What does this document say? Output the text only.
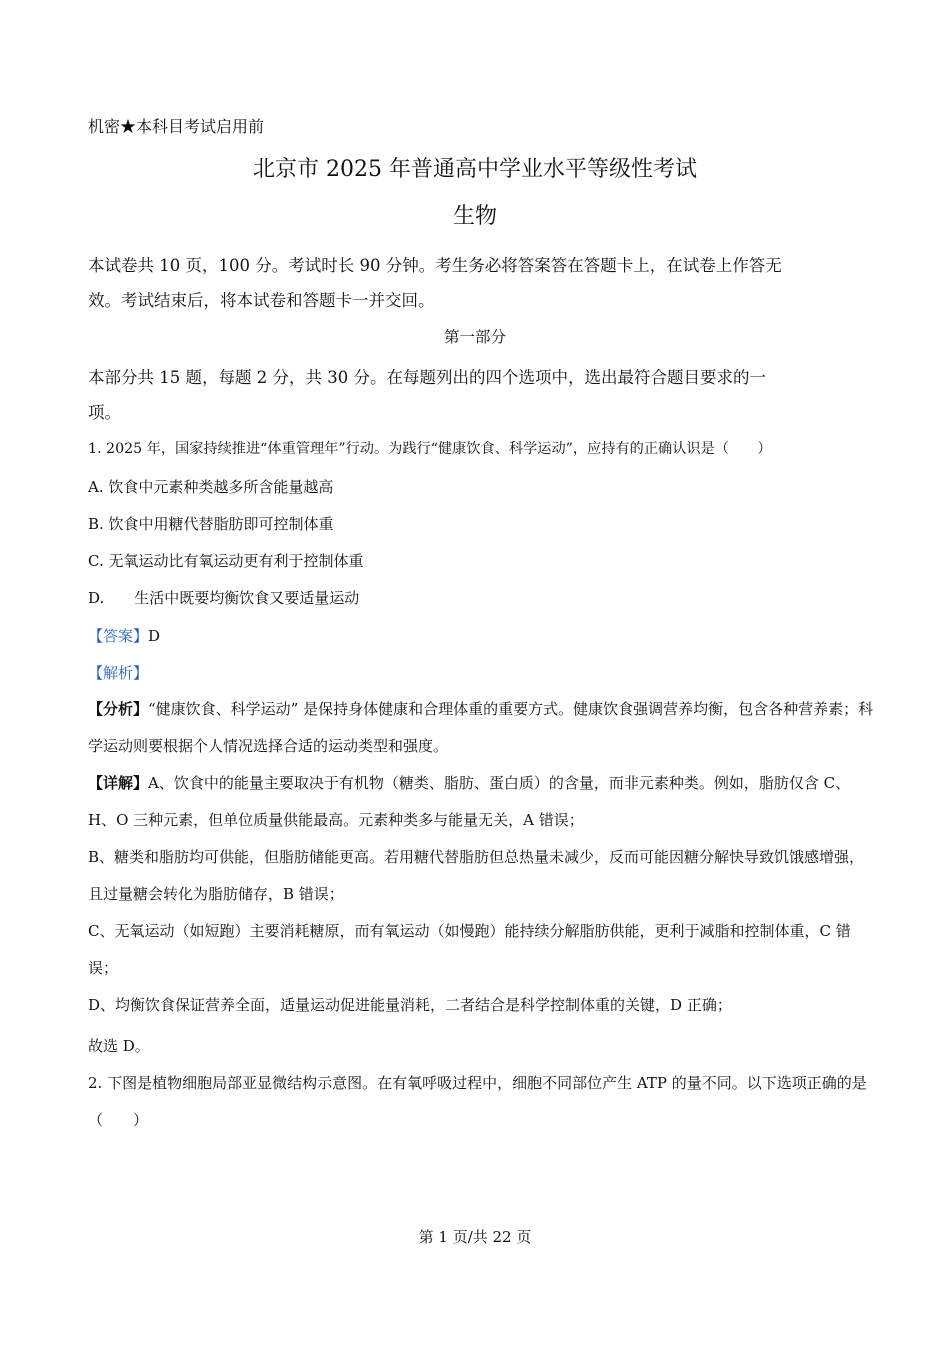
机密★本科目考试启用前
北京市 2025 年普通高中学业水平等级性考试
生物
本试卷共 10 页，100 分。考试时长 90 分钟。考生务必将答案答在答题卡上，在试卷上作答无
效。考试结束后，将本试卷和答题卡一并交回。
第一部分
本部分共 15 题，每题 2 分，共 30 分。在每题列出的四个选项中，选出最符合题目要求的一
项。
1. 2025 年，国家持续推进“体重管理年”行动。为践行“健康饮食、科学运动”，应持有的正确认识是（　　）
A. 饮食中元素种类越多所含能量越高
B. 饮食中用糖代替脂肪即可控制体重
C. 无氧运动比有氧运动更有利于控制体重
D.　　生活中既要均衡饮食又要适量运动
【答案】D
【解析】
【分析】“健康饮食、科学运动” 是保持身体健康和合理体重的重要方式。健康饮食强调营养均衡，包含各种营养素；科学运动则要根据个人情况选择合适的运动类型和强度。
【详解】A、饮食中的能量主要取决于有机物（糖类、脂肪、蛋白质）的含量，而非元素种类。例如，脂肪仅含 C、H、O 三种元素，但单位质量供能最高。元素种类多与能量无关，A 错误；
B、糖类和脂肪均可供能，但脂肪储能更高。若用糖代替脂肪但总热量未减少，反而可能因糖分解快导致饥饿感增强，且过量糖会转化为脂肪储存，B 错误；
C、无氧运动（如短跑）主要消耗糖原，而有氧运动（如慢跑）能持续分解脂肪供能，更利于减脂和控制体重，C 错误；
D、均衡饮食保证营养全面，适量运动促进能量消耗，二者结合是科学控制体重的关键，D 正确；
故选 D。
2. 下图是植物细胞局部亚显微结构示意图。在有氧呼吸过程中，细胞不同部位产生 ATP 的量不同。以下选项正确的是（　　）
第 1 页/共 22 页
